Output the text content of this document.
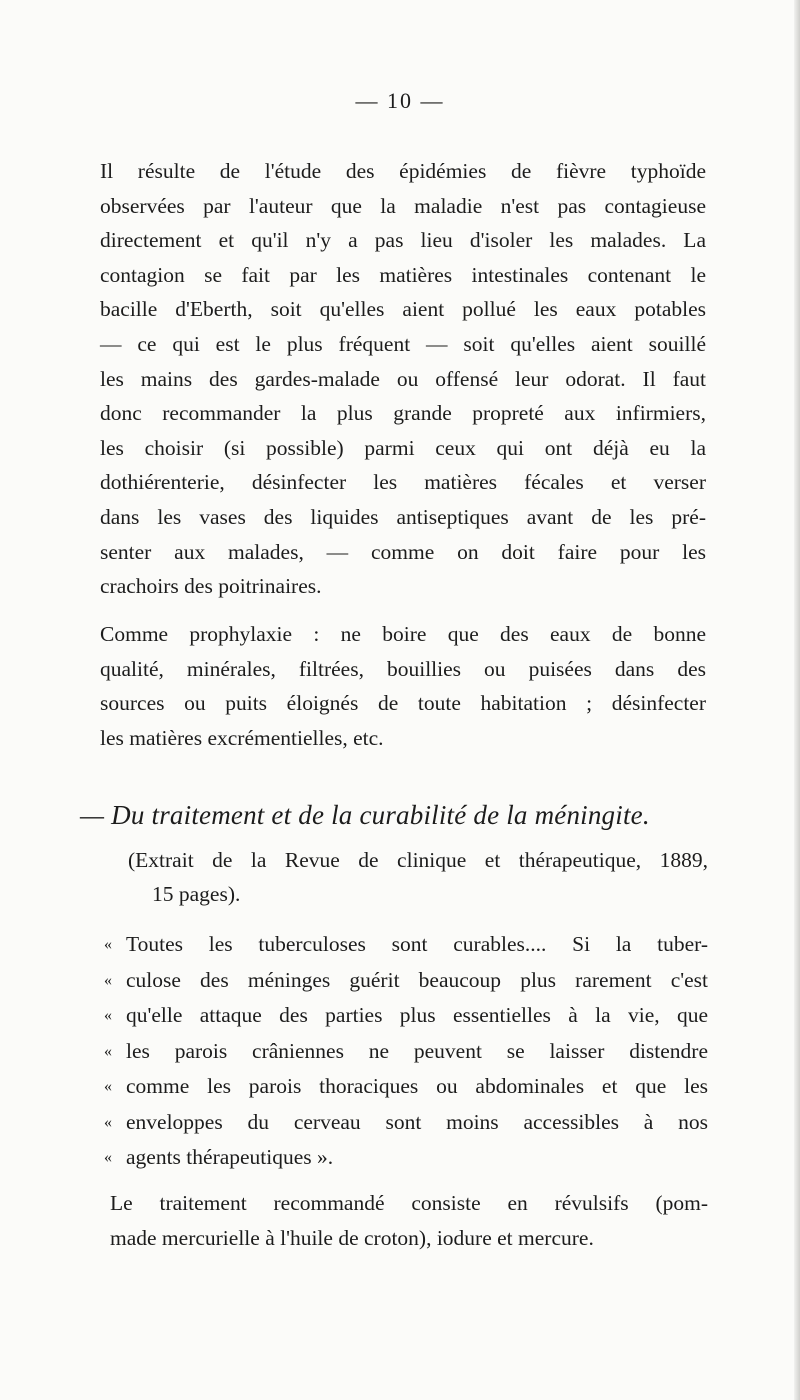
— 10 —
Il résulte de l'étude des épidémies de fièvre typhoïde
observées par l'auteur que la maladie n'est pas contagieuse
directement et qu'il n'y a pas lieu d'isoler les malades. La
contagion se fait par les matières intestinales contenant le
bacille d'Eberth, soit qu'elles aient pollué les eaux potables
— ce qui est le plus fréquent — soit qu'elles aient souillé
les mains des gardes-malade ou offensé leur odorat. Il faut
donc recommander la plus grande propreté aux infirmiers,
les choisir (si possible) parmi ceux qui ont déjà eu la
dothiérenterie, désinfecter les matières fécales et verser
dans les vases des liquides antiseptiques avant de les pré-
senter aux malades, — comme on doit faire pour les
crachoirs des poitrinaires.
Comme prophylaxie : ne boire que des eaux de bonne
qualité, minérales, filtrées, bouillies ou puisées dans des
sources ou puits éloignés de toute habitation ; désinfecter
les matières excrémentielles, etc.
— Du traitement et de la curabilité de la méningite.
(Extrait de la Revue de clinique et thérapeutique, 1889,
15 pages).
« Toutes les tuberculoses sont curables.... Si la tuber-
« culose des méninges guérit beaucoup plus rarement c'est
« qu'elle attaque des parties plus essentielles à la vie, que
« les parois crâniennes ne peuvent se laisser distendre
« comme les parois thoraciques ou abdominales et que les
« enveloppes du cerveau sont moins accessibles à nos
« agents thérapeutiques ».
Le traitement recommandé consiste en révulsifs (pom-
made mercurielle à l'huile de croton), iodure et mercure.
